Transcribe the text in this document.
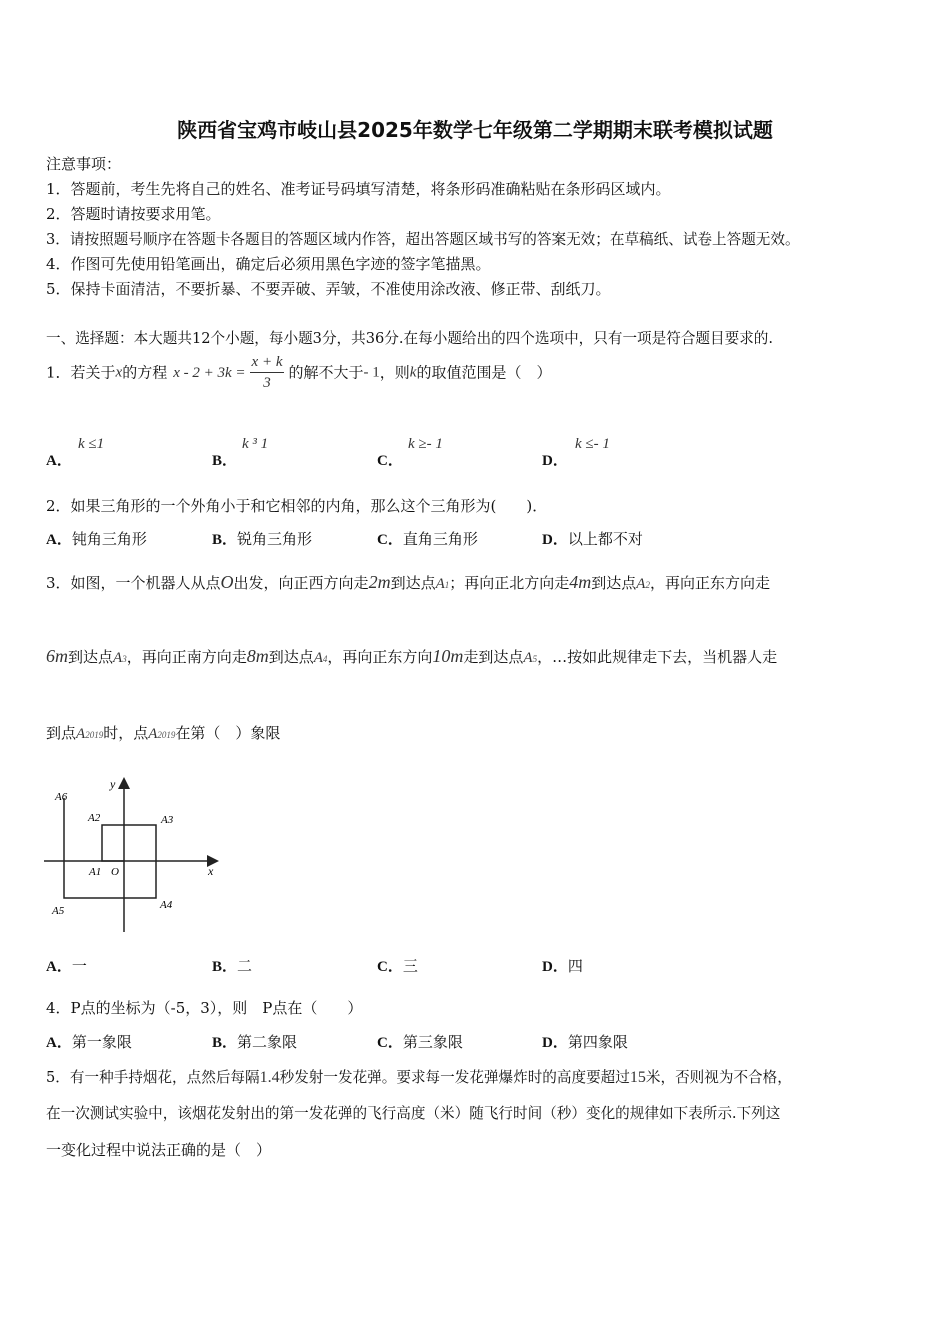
陕西省宝鸡市岐山县2025年数学七年级第二学期期末联考模拟试题
注意事项：
1．答题前，考生先将自己的姓名、准考证号码填写清楚，将条形码准确粘贴在条形码区域内。
2．答题时请按要求用笔。
3．请按照题号顺序在答题卡各题目的答题区域内作答，超出答题区域书写的答案无效；在草稿纸、试卷上答题无效。
4．作图可先使用铅笔画出，确定后必须用黑色字迹的签字笔描黑。
5．保持卡面清洁，不要折暴、不要弄破、弄皱，不准使用涂改液、修正带、刮纸刀。
一、选择题：本大题共12个小题，每小题3分，共36分.在每小题给出的四个选项中，只有一项是符合题目要求的.
1．若关于x的方程 $x - 2 + 3k = \frac{x + k}{3}$ 的解不大于- 1，则k的取值范围是（　）
A．
k ≤1
B．
k ³ 1
C．
k ≥- 1
D．
k ≤- 1
2．如果三角形的一个外角小于和它相邻的内角，那么这个三角形为(　　)．
A．钝角三角形	B．锐角三角形	C．直角三角形	D．以上都不对
3．如图，一个机器人从点O出发，向正西方向走2m到达点A1；再向正北方向走4m到达点A2，再向正东方向走
6m到达点A3，再向正南方向走8m到达点A4，再向正东方向10m走到达点A5，…按如此规律走下去，当机器人走
到点A2019时，点A2019在第（　）象限
A6
A2	A3
A1 O
A5	A4
x
y
A．一	B．二	C．三	D．四
4．P点的坐标为（-5，3），则　P点在（　　）
A．第一象限	B．第二象限	C．第三象限	D．第四象限
5．有一种手持烟花，点然后每隔1.4秒发射一发花弹。要求每一发花弹爆炸时的高度要超过15米，否则视为不合格，
在一次测试实验中，该烟花发射出的第一发花弹的飞行高度（米）随飞行时间（秒）变化的规律如下表所示.下列这
一变化过程中说法正确的是（　）
